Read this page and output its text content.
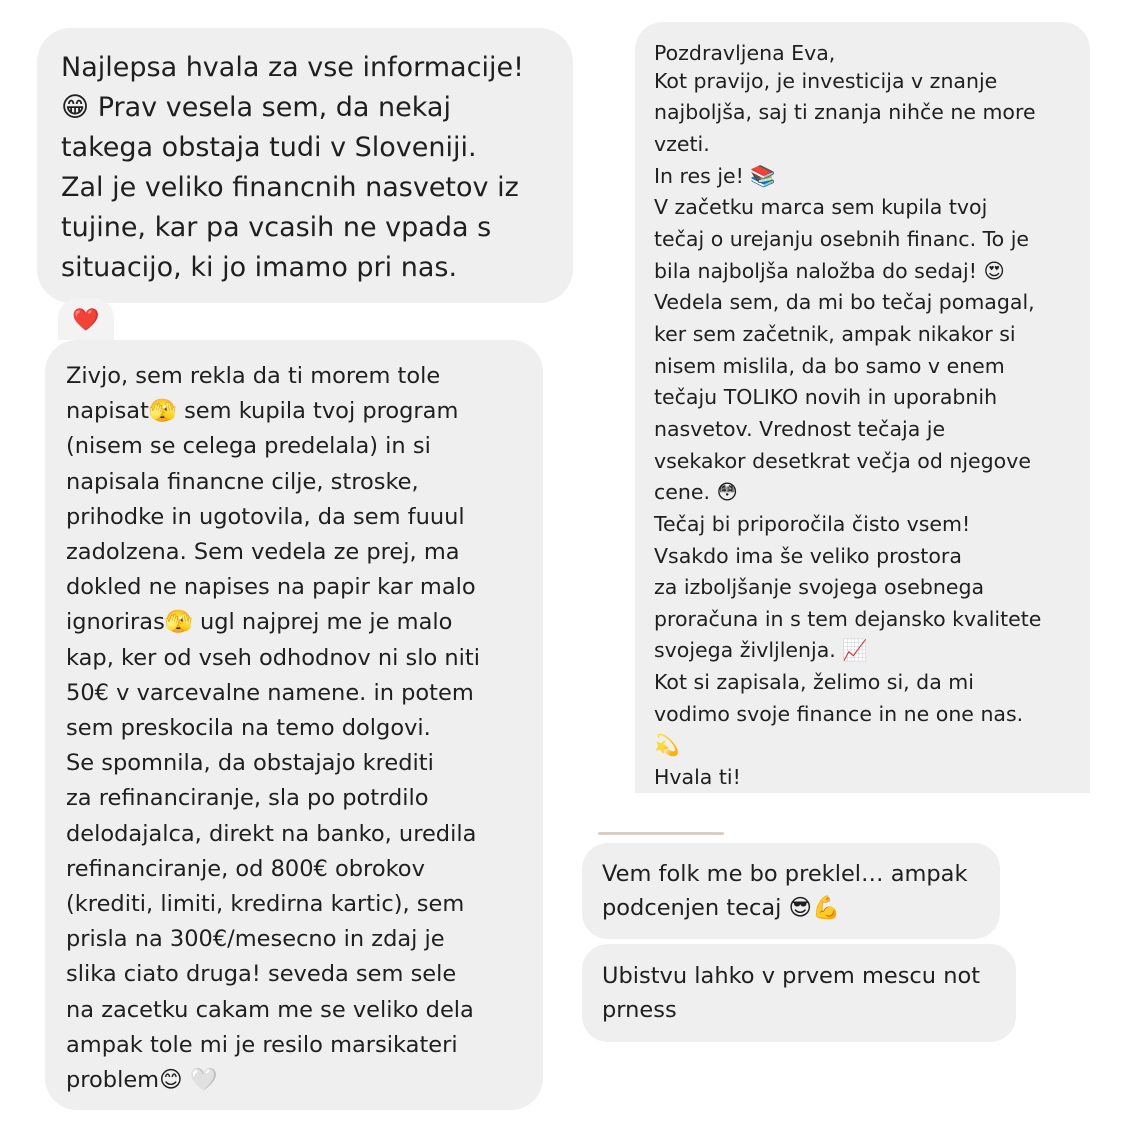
Najlepsa hvala za vse informacije!
😁 Prav vesela sem, da nekaj
takega obstaja tudi v Sloveniji.
Zal je veliko financnih nasvetov iz
tujine, kar pa vcasih ne vpada s
situacijo, ki jo imamo pri nas.
❤️
Zivjo, sem rekla da ti morem tole
napisat🫣 sem kupila tvoj program
(nisem se celega predelala) in si
napisala financne cilje, stroske,
prihodke in ugotovila, da sem fuuul
zadolzena. Sem vedela ze prej, ma
dokled ne napises na papir kar malo
ignoriras🫣 ugl najprej me je malo
kap, ker od vseh odhodnov ni slo niti
50€ v varcevalne namene. in potem
sem preskocila na temo dolgovi.
Se spomnila, da obstajajo krediti
za refinanciranje, sla po potrdilo
delodajalca, direkt na banko, uredila
refinanciranje, od 800€ obrokov
(krediti, limiti, kredirna kartic), sem
prisla na 300€/mesecno in zdaj je
slika ciato druga! seveda sem sele
na zacetku cakam me se veliko dela
ampak tole mi je resilo marsikateri
problem😊 🤍
Pozdravljena Eva,
Kot pravijo, je investicija v znanje
najboljša, saj ti znanja nihče ne more
vzeti.
In res je! 📚
V začetku marca sem kupila tvoj
tečaj o urejanju osebnih financ. To je
bila najboljša naložba do sedaj! 😍
Vedela sem, da mi bo tečaj pomagal,
ker sem začetnik, ampak nikakor si
nisem mislila, da bo samo v enem
tečaju TOLIKO novih in uporabnih
nasvetov. Vrednost tečaja je
vsekakor desetkrat večja od njegove
cene. 😳
Tečaj bi priporočila čisto vsem!
Vsakdo ima še veliko prostora
za izboljšanje svojega osebnega
proračuna in s tem dejansko kvalitete
svojega življlenja. 📈
Kot si zapisala, želimo si, da mi
vodimo svoje finance in ne one nas.
💫
Hvala ti!
Vem folk me bo preklel… ampak
podcenjen tecaj 😎💪
Ubistvu lahko v prvem mescu not
prness
